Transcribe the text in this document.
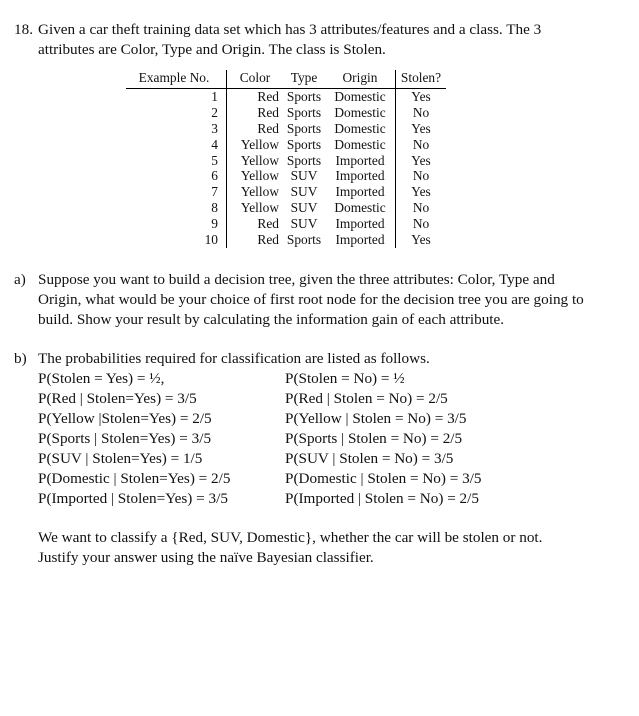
18. Given a car theft training data set which has 3 attributes/features and a class. The 3
attributes are Color, Type and Origin. The class is Stolen.
Example No.	Color	Type	Origin	Stolen?
1	Red	Sports	Domestic	Yes
2	Red	Sports	Domestic	No
3	Red	Sports	Domestic	Yes
4	Yellow	Sports	Domestic	No
5	Yellow	Sports	Imported	Yes
6	Yellow	SUV	Imported	No
7	Yellow	SUV	Imported	Yes
8	Yellow	SUV	Domestic	No
9	Red	SUV	Imported	No
10	Red	Sports	Imported	Yes
a) Suppose you want to build a decision tree, given the three attributes: Color, Type and
Origin, what would be your choice of first root node for the decision tree you are going to
build. Show your result by calculating the information gain of each attribute.
b) The probabilities required for classification are listed as follows.
P(Stolen = Yes) = ½,
P(Red | Stolen=Yes) = 3/5
P(Yellow |Stolen=Yes) = 2/5
P(Sports | Stolen=Yes) = 3/5
P(SUV | Stolen=Yes) = 1/5
P(Domestic | Stolen=Yes) = 2/5
P(Imported | Stolen=Yes) = 3/5
P(Stolen = No) = ½
P(Red | Stolen = No) = 2/5
P(Yellow | Stolen = No) = 3/5
P(Sports | Stolen = No) = 2/5
P(SUV | Stolen = No) = 3/5
P(Domestic | Stolen = No) = 3/5
P(Imported | Stolen = No) = 2/5
We want to classify a {Red, SUV, Domestic}, whether the car will be stolen or not.
Justify your answer using the naïve Bayesian classifier.
